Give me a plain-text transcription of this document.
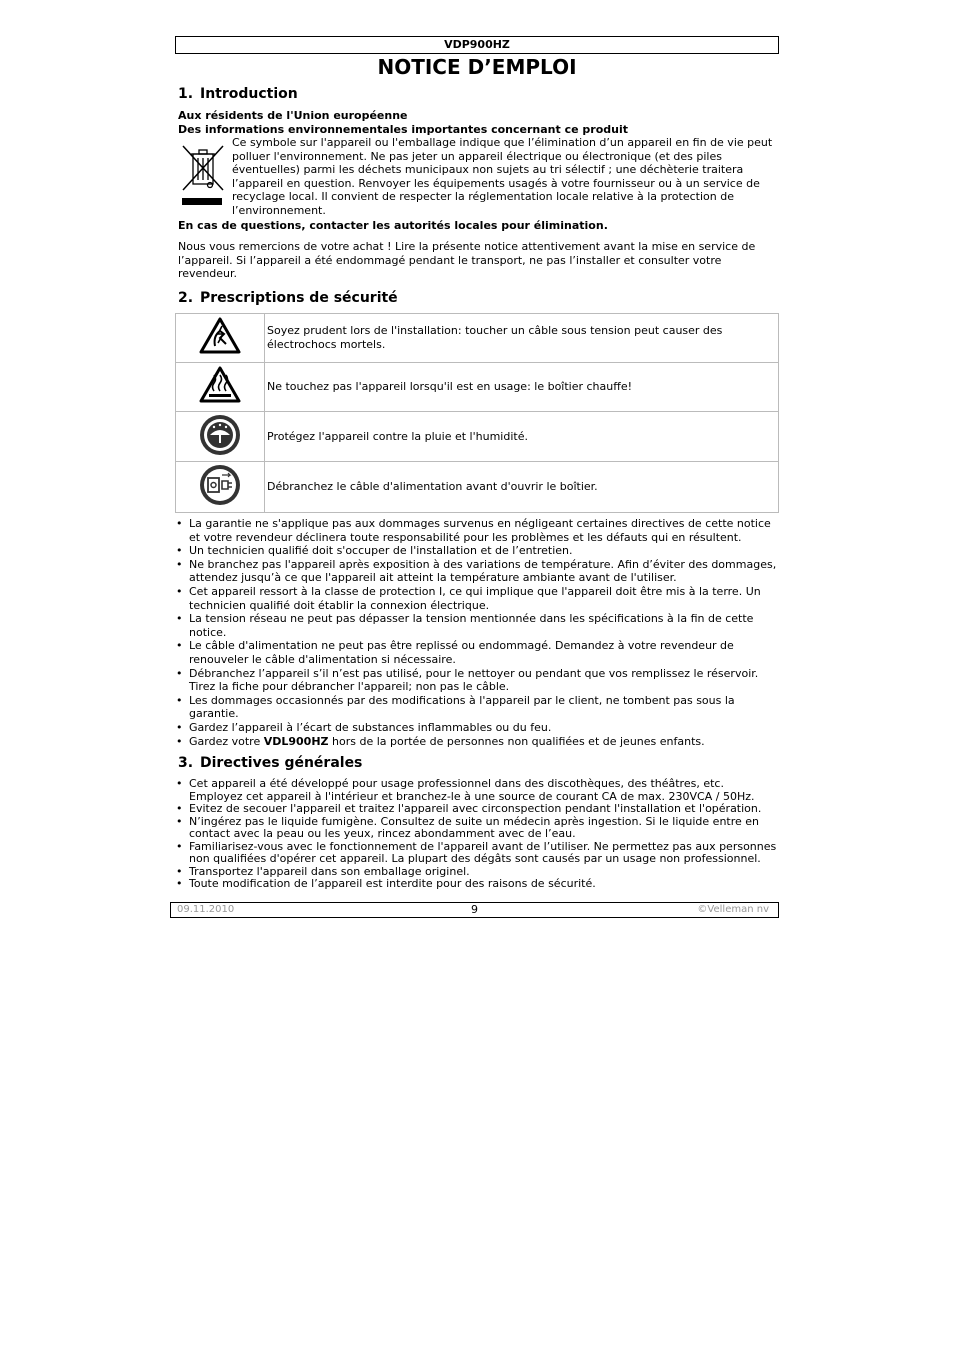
VDP900HZ
NOTICE D’EMPLOI
1. Introduction
Aux résidents de l'Union européenne
Des informations environnementales importantes concernant ce produit
Ce symbole sur l'appareil ou l'emballage indique que l’élimination d’un appareil en fin de vie peut polluer l'environnement. Ne pas jeter un appareil électrique ou électronique (et des piles éventuelles) parmi les déchets municipaux non sujets au tri sélectif ; une déchèterie traitera l’appareil en question. Renvoyer les équipements usagés à votre fournisseur ou à un service de recyclage local. Il convient de respecter la réglementation locale relative à la protection de l’environnement.
En cas de questions, contacter les autorités locales pour élimination.

Nous vous remercions de votre achat ! Lire la présente notice attentivement avant la mise en service de l’appareil. Si l’appareil a été endommagé pendant le transport, ne pas l’installer et consulter votre revendeur.

2. Prescriptions de sécurité
	Soyez prudent lors de l'installation: toucher un câble sous tension peut causer des électrochocs mortels.
	Ne touchez pas l'appareil lorsqu'il est en usage: le boîtier chauffe!
	Protégez l'appareil contre la pluie et l'humidité.
	Débranchez le câble d'alimentation avant d'ouvrir le boîtier.
• La garantie ne s'applique pas aux dommages survenus en négligeant certaines directives de cette notice et votre revendeur déclinera toute responsabilité pour les problèmes et les défauts qui en résultent.
• Un technicien qualifié doit s'occuper de l'installation et de l’entretien.
• Ne branchez pas l'appareil après exposition à des variations de température. Afin d’éviter des dommages, attendez jusqu’à ce que l'appareil ait atteint la température ambiante avant de l'utiliser.
• Cet appareil ressort à la classe de protection I, ce qui implique que l'appareil doit être mis à la terre. Un technicien qualifié doit établir la connexion électrique.
• La tension réseau ne peut pas dépasser la tension mentionnée dans les spécifications à la fin de cette notice.
• Le câble d'alimentation ne peut pas être replissé ou endommagé. Demandez à votre revendeur de renouveler le câble d'alimentation si nécessaire.
• Débranchez l’appareil s’il n’est pas utilisé, pour le nettoyer ou pendant que vos remplissez le réservoir. Tirez la fiche pour débrancher l'appareil; non pas le câble.
• Les dommages occasionnés par des modifications à l'appareil par le client, ne tombent pas sous la garantie.
• Gardez l’appareil à l’écart de substances inflammables ou du feu.
• Gardez votre VDL900HZ hors de la portée de personnes non qualifiées et de jeunes enfants.
3. Directives générales
• Cet appareil a été développé pour usage professionnel dans des discothèques, des théâtres, etc. Employez cet appareil à l'intérieur et branchez-le à une source de courant CA de max. 230VCA / 50Hz.
• Evitez de secouer l'appareil et traitez l'appareil avec circonspection pendant l'installation et l'opération.
• N’ingérez pas le liquide fumigène. Consultez de suite un médecin après ingestion. Si le liquide entre en contact avec la peau ou les yeux, rincez abondamment avec de l’eau.
• Familiarisez-vous avec le fonctionnement de l'appareil avant de l’utiliser. Ne permettez pas aux personnes non qualifiées d'opérer cet appareil. La plupart des dégâts sont causés par un usage non professionnel.
• Transportez l'appareil dans son emballage originel.
• Toute modification de l’appareil est interdite pour des raisons de sécurité.
09.11.2010	9	©Velleman nv
